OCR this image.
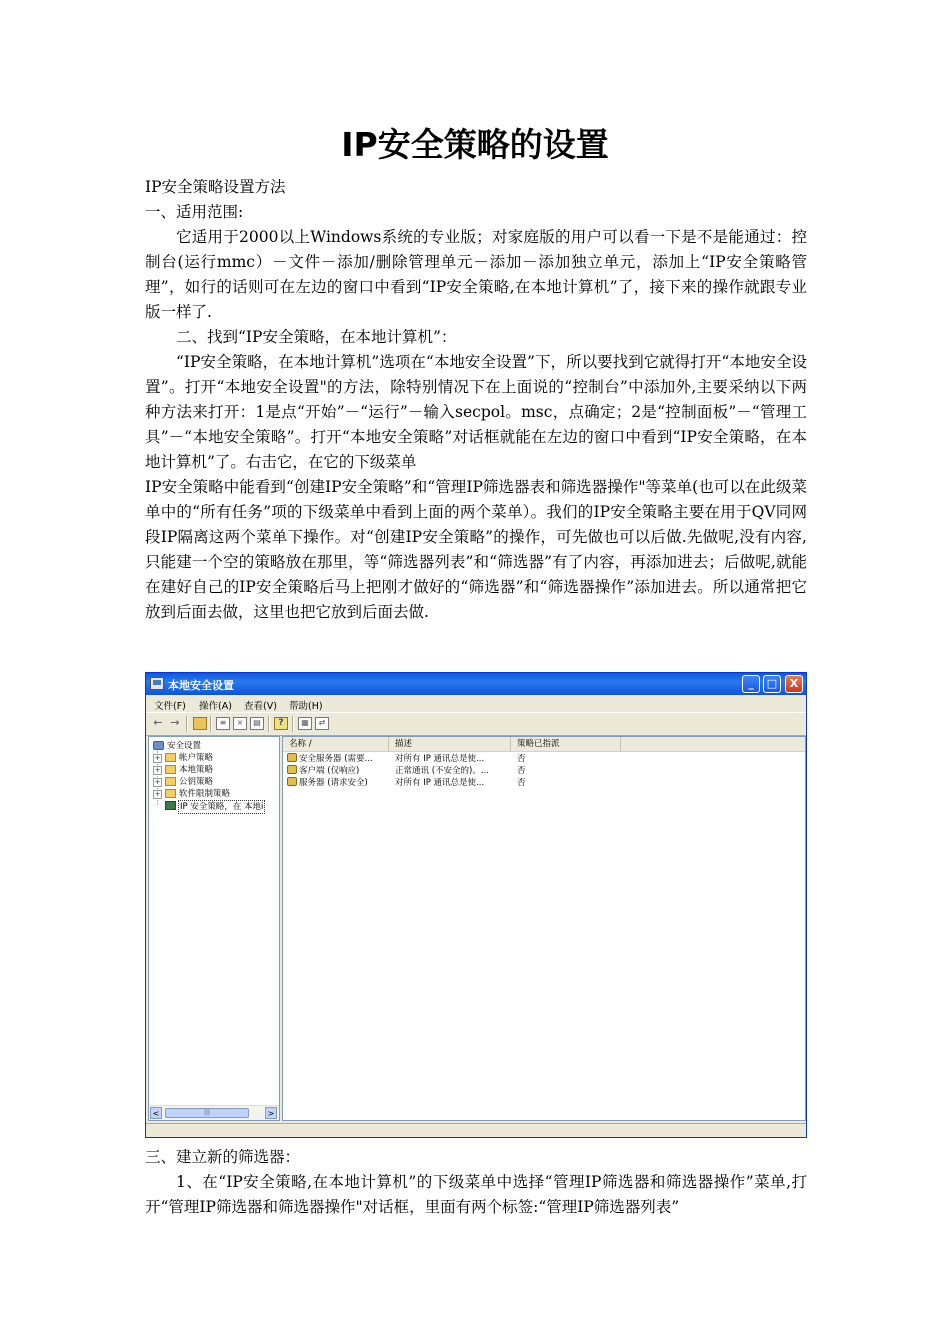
IP安全策略的设置

IP安全策略设置方法

一、适用范围:

它适用于2000以上Windows系统的专业版；对家庭版的用户可以看一下是不是能通过：控制台(运行mmc）－文件－添加/删除管理单元－添加－添加独立单元，添加上“IP安全策略管理”，如行的话则可在左边的窗口中看到“IP安全策略,在本地计算机”了，接下来的操作就跟专业版一样了.

二、找到“IP安全策略，在本地计算机”：

“IP安全策略，在本地计算机”选项在“本地安全设置”下，所以要找到它就得打开“本地安全设置”。打开“本地安全设置"的方法，除特别情况下在上面说的“控制台”中添加外,主要采纳以下两种方法来打开：1是点“开始”－“运行”－输入secpol。msc，点确定；2是“控制面板”－“管理工具”－“本地安全策略”。打开“本地安全策略”对话框就能在左边的窗口中看到“IP安全策略，在本地计算机”了。右击它，在它的下级菜单

IP安全策略中能看到“创建IP安全策略”和“管理IP筛选器表和筛选器操作"等菜单(也可以在此级菜单中的“所有任务”项的下级菜单中看到上面的两个菜单）。我们的IP安全策略主要在用于QV同网段IP隔离这两个菜单下操作。对“创建IP安全策略”的操作，可先做也可以后做.先做呢,没有内容,只能建一个空的策略放在那里，等“筛选器列表”和“筛选器”有了内容，再添加进去；后做呢,就能在建好自己的IP安全策略后马上把刚才做好的“筛选器”和“筛选器操作”添加进去。所以通常把它放到后面去做，这里也把它放到后面去做.

本地安全设置	_	□	X
文件(F) 操作(A) 查看(V) 帮助(H)
← →	≡	×	▤	?	▦	⇄
安全设置
+ 帐户策略
+ 本地策略
+ 公钥策略
+ 软件限制策略
IP 安全策略，在 本地i
<	|||	>
名称 /	描述	策略已指派
安全服务器 (需要...	对所有 IP 通讯总是使...	否
客户端 (仅响应)	正常通讯 (不安全的)。...	否
服务器 (请求安全)	对所有 IP 通讯总是使...	否

三、建立新的筛选器：

1、在“IP安全策略,在本地计算机”的下级菜单中选择“管理IP筛选器和筛选器操作”菜单,打开“管理IP筛选器和筛选器操作"对话框，里面有两个标签:“管理IP筛选器列表”
